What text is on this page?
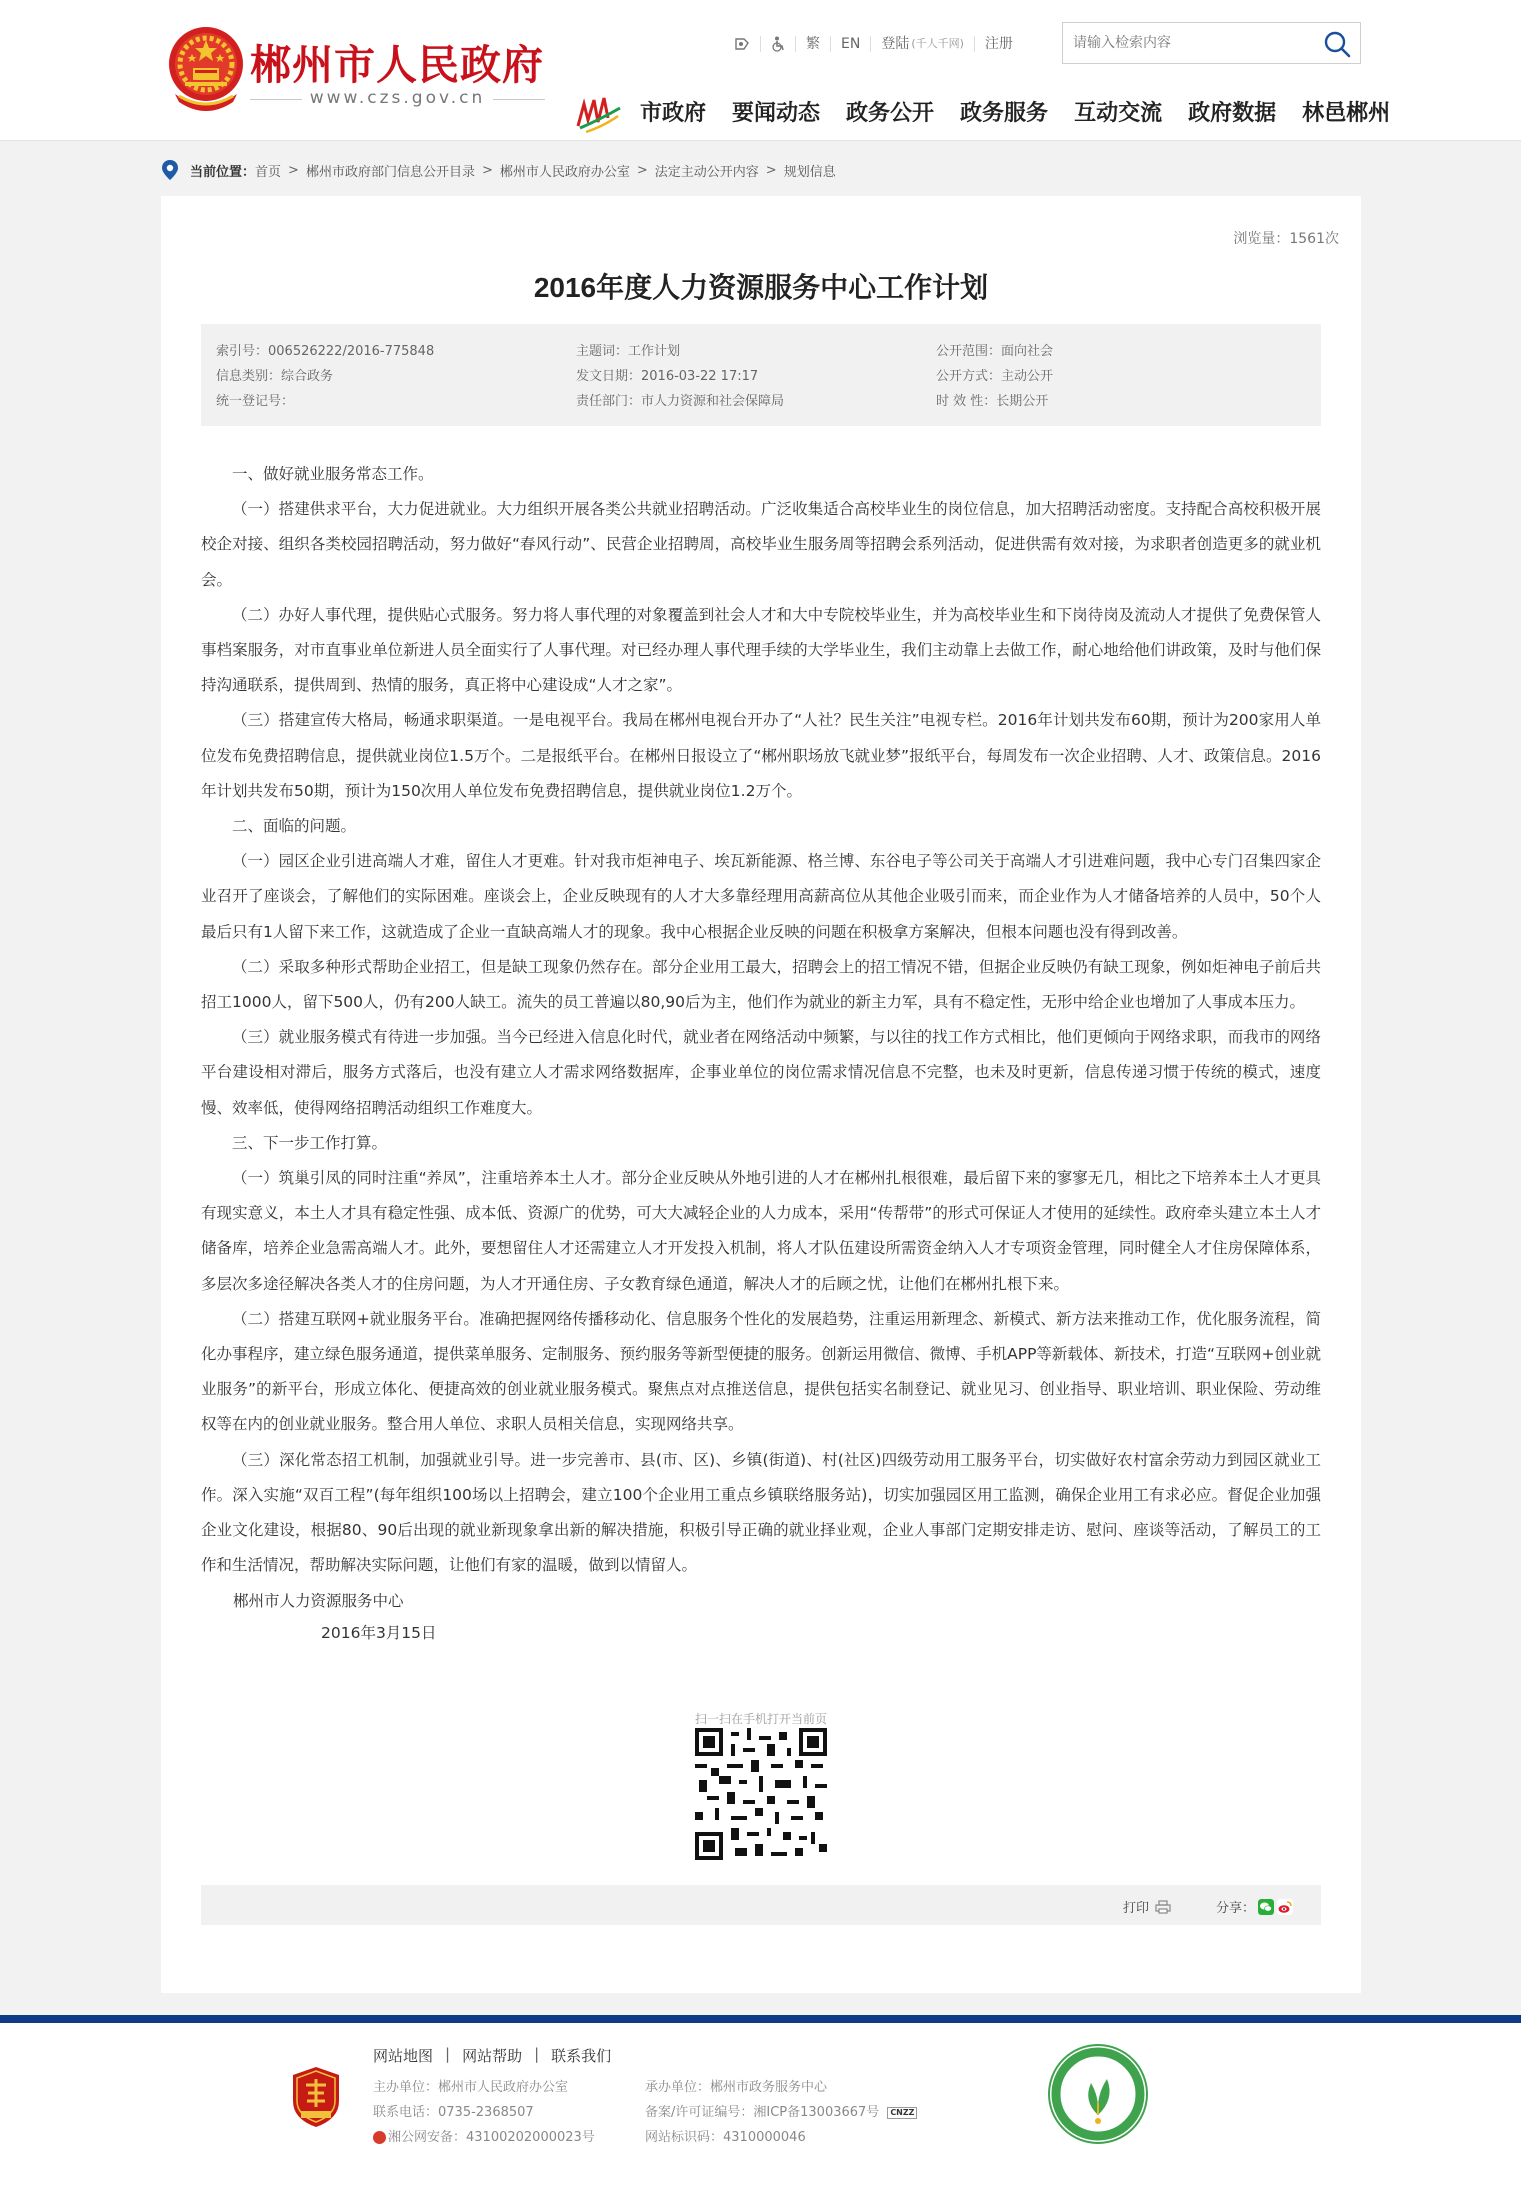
郴州市人民政府
www.czs.gov.cn
繁	EN	登陆 (千人千网)	注册
请输入检索内容
市政府 要闻动态 政务公开 政务服务 互动交流 政府数据 林邑郴州
当前位置： 首页 > 郴州市政府部门信息公开目录 > 郴州市人民政府办公室 > 法定主动公开内容 > 规划信息
浏览量：1561次
2016年度人力资源服务中心工作计划
索引号：006526222/2016-775848	主题词：工作计划	公开范围：面向社会
信息类别：综合政务	发文日期：2016-03-22 17:17	公开方式：主动公开
统一登记号：	责任部门：市人力资源和社会保障局	时 效 性：长期公开

一、做好就业服务常态工作。

（一）搭建供求平台，大力促进就业。大力组织开展各类公共就业招聘活动。广泛收集适合高校毕业生的岗位信息，加大招聘活动密度。支持配合高校积极开展校企对接、组织各类校园招聘活动，努力做好“春风行动”、民营企业招聘周，高校毕业生服务周等招聘会系列活动，促进供需有效对接，为求职者创造更多的就业机会。

（二）办好人事代理，提供贴心式服务。努力将人事代理的对象覆盖到社会人才和大中专院校毕业生，并为高校毕业生和下岗待岗及流动人才提供了免费保管人事档案服务，对市直事业单位新进人员全面实行了人事代理。对已经办理人事代理手续的大学毕业生，我们主动靠上去做工作，耐心地给他们讲政策，及时与他们保持沟通联系，提供周到、热情的服务，真正将中心建设成“人才之家”。

（三）搭建宣传大格局，畅通求职渠道。一是电视平台。我局在郴州电视台开办了“人社？民生关注”电视专栏。2016年计划共发布60期，预计为200家用人单位发布免费招聘信息，提供就业岗位1.5万个。二是报纸平台。在郴州日报设立了“郴州职场放飞就业梦”报纸平台，每周发布一次企业招聘、人才、政策信息。2016年计划共发布50期，预计为150次用人单位发布免费招聘信息，提供就业岗位1.2万个。

二、面临的问题。

（一）园区企业引进高端人才难，留住人才更难。针对我市炬神电子、埃瓦新能源、格兰博、东谷电子等公司关于高端人才引进难问题，我中心专门召集四家企业召开了座谈会，了解他们的实际困难。座谈会上，企业反映现有的人才大多靠经理用高薪高位从其他企业吸引而来，而企业作为人才储备培养的人员中，50个人最后只有1人留下来工作，这就造成了企业一直缺高端人才的现象。我中心根据企业反映的问题在积极拿方案解决，但根本问题也没有得到改善。

（二）采取多种形式帮助企业招工，但是缺工现象仍然存在。部分企业用工最大，招聘会上的招工情况不错，但据企业反映仍有缺工现象，例如炬神电子前后共招工1000人，留下500人，仍有200人缺工。流失的员工普遍以80,90后为主，他们作为就业的新主力军，具有不稳定性，无形中给企业也增加了人事成本压力。

（三）就业服务模式有待进一步加强。当今已经进入信息化时代，就业者在网络活动中频繁，与以往的找工作方式相比，他们更倾向于网络求职，而我市的网络平台建设相对滞后，服务方式落后，也没有建立人才需求网络数据库，企事业单位的岗位需求情况信息不完整，也未及时更新，信息传递习惯于传统的模式，速度慢、效率低，使得网络招聘活动组织工作难度大。

三、下一步工作打算。

（一）筑巢引凤的同时注重“养凤”，注重培养本土人才。部分企业反映从外地引进的人才在郴州扎根很难，最后留下来的寥寥无几，相比之下培养本土人才更具有现实意义，本土人才具有稳定性强、成本低、资源广的优势，可大大减轻企业的人力成本，采用“传帮带”的形式可保证人才使用的延续性。政府牵头建立本土人才储备库，培养企业急需高端人才。此外，要想留住人才还需建立人才开发投入机制，将人才队伍建设所需资金纳入人才专项资金管理，同时健全人才住房保障体系，多层次多途径解决各类人才的住房问题，为人才开通住房、子女教育绿色通道，解决人才的后顾之忧，让他们在郴州扎根下来。

（二）搭建互联网+就业服务平台。准确把握网络传播移动化、信息服务个性化的发展趋势，注重运用新理念、新模式、新方法来推动工作，优化服务流程，简化办事程序，建立绿色服务通道，提供菜单服务、定制服务、预约服务等新型便捷的服务。创新运用微信、微博、手机APP等新载体、新技术，打造“互联网+创业就业服务”的新平台，形成立体化、便捷高效的创业就业服务模式。聚焦点对点推送信息，提供包括实名制登记、就业见习、创业指导、职业培训、职业保险、劳动维权等在内的创业就业服务。整合用人单位、求职人员相关信息，实现网络共享。

（三）深化常态招工机制，加强就业引导。进一步完善市、县(市、区)、乡镇(街道)、村(社区)四级劳动用工服务平台，切实做好农村富余劳动力到园区就业工作。深入实施“双百工程”(每年组织100场以上招聘会，建立100个企业用工重点乡镇联络服务站)，切实加强园区用工监测，确保企业用工有求必应。督促企业加强企业文化建设，根据80、90后出现的就业新现象拿出新的解决措施，积极引导正确的就业择业观，企业人事部门定期安排走访、慰问、座谈等活动，了解员工的工作和生活情况，帮助解决实际问题，让他们有家的温暖，做到以情留人。

郴州市人力资源服务中心

2016年3月15日

扫一扫在手机打开当前页
打印	分享：
网站地图 | 网站帮助 | 联系我们
主办单位：郴州市人民政府办公室	承办单位：郴州市政务服务中心
联系电话：0735-2368507	备案/许可证编号：湘ICP备13003667号	CNZZ
湘公网安备：43100202000023号	网站标识码：4310000046
